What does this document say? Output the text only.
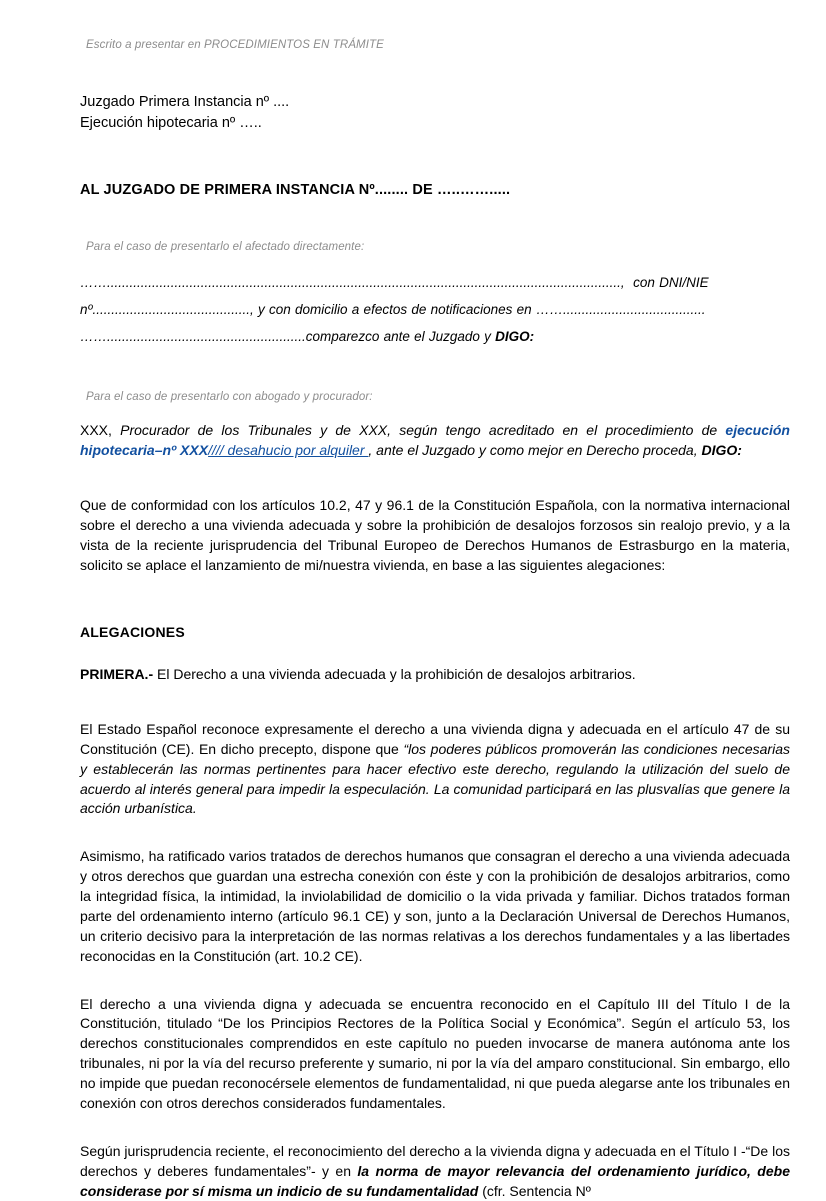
Escrito a presentar en PROCEDIMIENTOS EN TRÁMITE
Juzgado Primera Instancia nº ....
Ejecución hipotecaria nº …..
AL JUZGADO DE PRIMERA INSTANCIA Nº........ DE …..…….....
Para el caso de presentarlo el afectado directamente:
……........................................................................................................................................., con DNI/NIE
nº.........................................., y con domicilio a efectos de notificaciones en ……......................................
…….....................................................comparezco ante el Juzgado y DIGO:
Para el caso de presentarlo con abogado y procurador:
XXX, Procurador de los Tribunales y de XXX, según tengo acreditado en el procedimiento de ejecución hipotecaria–nº XXX//// desahucio por alquiler , ante el Juzgado y como mejor en Derecho proceda, DIGO:
Que de conformidad con los artículos 10.2, 47 y 96.1 de la Constitución Española, con la normativa internacional sobre el derecho a una vivienda adecuada y sobre la prohibición de desalojos forzosos sin realojo previo, y a la vista de la reciente jurisprudencia del Tribunal Europeo de Derechos Humanos de Estrasburgo en la materia, solicito se aplace el lanzamiento de mi/nuestra vivienda, en base a las siguientes alegaciones:
ALEGACIONES
PRIMERA.- El Derecho a una vivienda adecuada y la prohibición de desalojos arbitrarios.
El Estado Español reconoce expresamente el derecho a una vivienda digna y adecuada en el artículo 47 de su Constitución (CE). En dicho precepto, dispone que “los poderes públicos promoverán las condiciones necesarias y establecerán las normas pertinentes para hacer efectivo este derecho, regulando la utilización del suelo de acuerdo al interés general para impedir la especulación. La comunidad participará en las plusvalías que genere la acción urbanística.
Asimismo, ha ratificado varios tratados de derechos humanos que consagran el derecho a una vivienda adecuada y otros derechos que guardan una estrecha conexión con éste y con la prohibición de desalojos arbitrarios, como la integridad física, la intimidad, la inviolabilidad de domicilio o la vida privada y familiar. Dichos tratados forman parte del ordenamiento interno (artículo 96.1 CE) y son, junto a la Declaración Universal de Derechos Humanos, un criterio decisivo para la interpretación de las normas relativas a los derechos fundamentales y a las libertades reconocidas en la Constitución (art. 10.2 CE).
El derecho a una vivienda digna y adecuada se encuentra reconocido en el Capítulo III del Título I de la Constitución, titulado “De los Principios Rectores de la Política Social y Económica”. Según el artículo 53, los derechos constitucionales comprendidos en este capítulo no pueden invocarse de manera autónoma ante los tribunales, ni por la vía del recurso preferente y sumario, ni por la vía del amparo constitucional. Sin embargo, ello no impide que puedan reconocérsele elementos de fundamentalidad, ni que pueda alegarse ante los tribunales en conexión con otros derechos considerados fundamentales.
Según jurisprudencia reciente, el reconocimiento del derecho a la vivienda digna y adecuada en el Título I -“De los derechos y deberes fundamentales”- y en la norma de mayor relevancia del ordenamiento jurídico, debe considerase por sí misma un indicio de su fundamentalidad (cfr. Sentencia Nº
